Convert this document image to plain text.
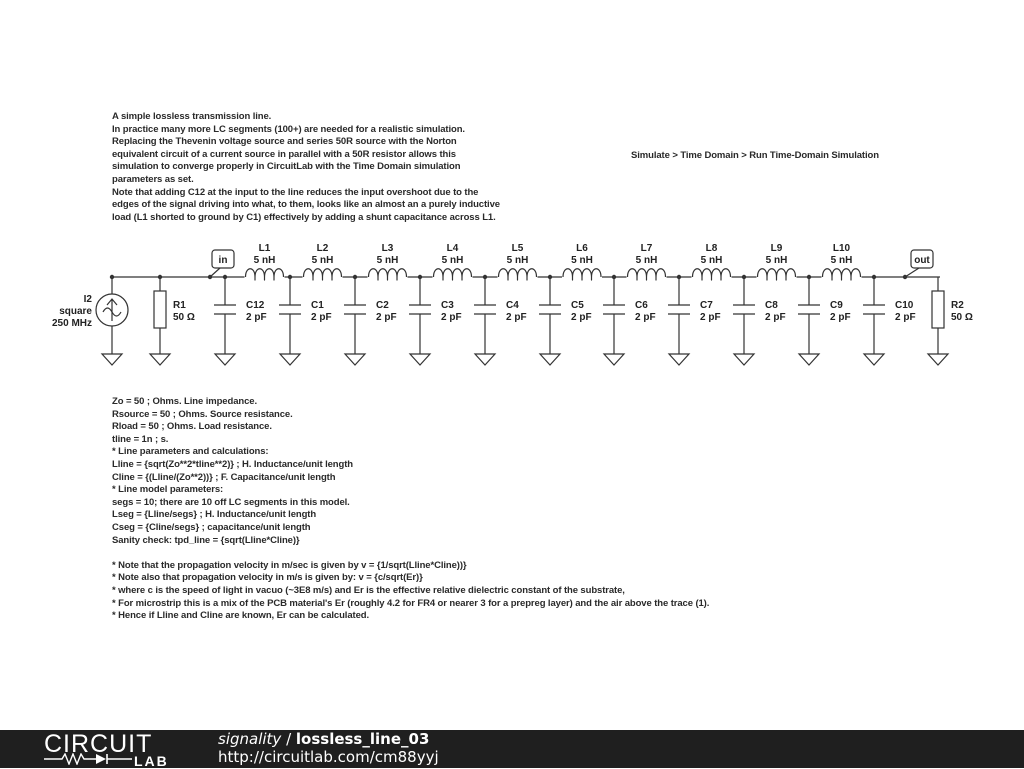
A simple lossless transmission line.
In practice many more LC segments (100+) are needed for a realistic simulation.
Replacing the Thevenin voltage source and series 50R source with the Norton
equivalent circuit of a current source in parallel with a 50R resistor allows this
simulation to converge properly in CircuitLab with the Time Domain simulation
parameters as set.
Note that adding C12 at the input to the line reduces the input overshoot due to the
edges of the signal driving into what, to them, looks like an almost an a purely inductive
load (L1 shorted to ground by C1) effectively by adding a shunt capacitance across L1.
Simulate > Time Domain > Run Time-Domain Simulation
I2
square
250 MHz
R1
50 Ω
R2
50 Ω
C12
2 pF
C1
2 pF
C2
2 pF
C3
2 pF
C4
2 pF
C5
2 pF
C6
2 pF
C7
2 pF
C8
2 pF
C9
2 pF
C10
2 pF
L1
5 nH
L2
5 nH
L3
5 nH
L4
5 nH
L5
5 nH
L6
5 nH
L7
5 nH
L8
5 nH
L9
5 nH
L10
5 nH
in	out
Zo = 50 ; Ohms. Line impedance.
Rsource = 50 ; Ohms. Source resistance.
Rload = 50 ; Ohms. Load resistance.
tline = 1n ; s.
* Line parameters and calculations:
Lline = {sqrt(Zo**2*tline**2)} ; H. Inductance/unit length
Cline = {(Lline/(Zo**2))} ; F. Capacitance/unit length
* Line model parameters:
segs = 10; there are 10 off LC segments in this model.
Lseg = {Lline/segs} ; H. Inductance/unit length
Cseg = {Cline/segs} ; capacitance/unit length
Sanity check: tpd_line = {sqrt(Lline*Cline)}
* Note that the propagation velocity in m/sec is given by v = {1/sqrt(Lline*Cline))}
* Note also that propagation velocity in m/s is given by: v = {c/sqrt(Er)}
* where c is the speed of light in vacuo (~3E8 m/s) and Er is the effective relative dielectric constant of the substrate,
* For microstrip this is a mix of the PCB material's Er (roughly 4.2 for FR4 or nearer 3 for a prepreg layer) and the air above the trace (1).
* Hence if Lline and Cline are known, Er can be calculated.
CIRCUIT
LAB
signality / lossless_line_03
http://circuitlab.com/cm88yyj
